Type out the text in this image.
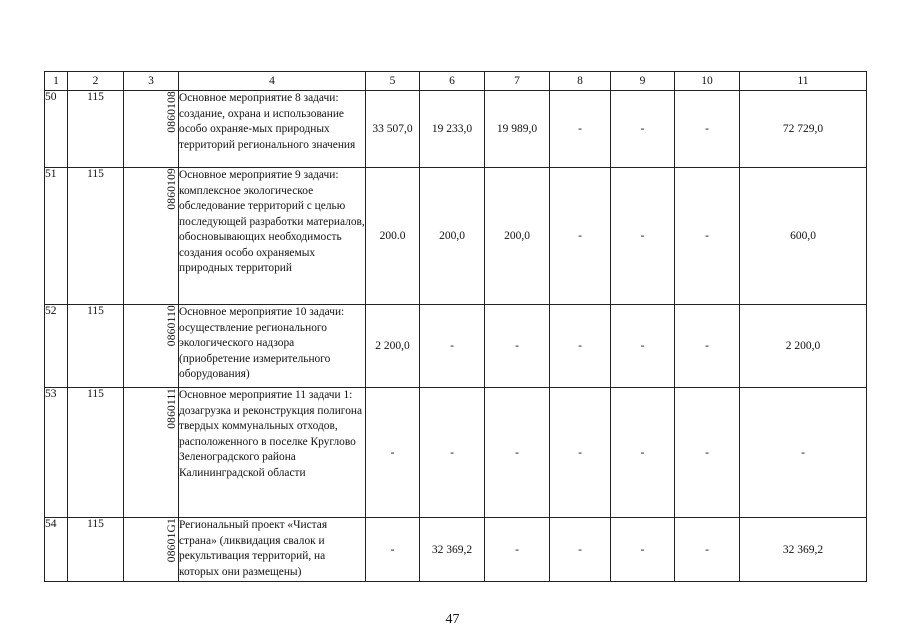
1	2	3	4	5	6	7	8	9	10	11
50	115	0860108	Основное мероприятие 8 задачи: создание, охрана и использование особо охраняе-мых природных территорий регионального значения	33 507,0	19 233,0	19 989,0	-	-	-	72 729,0
51	115	0860109	Основное мероприятие 9 задачи: комплексное экологическое обследование территорий с целью последующей разработки материалов, обосновывающих необходимость создания особо охраняемых природных территорий	200.0	200,0	200,0	-	-	-	600,0
52	115	0860110	Основное мероприятие 10 задачи: осуществление регионального экологического надзора (приобретение измерительного оборудования)	2 200,0	-	-	-	-	-	2 200,0
53	115	0860111	Основное мероприятие 11 задачи 1: дозагрузка и реконструкция полигона твердых коммунальных отходов, расположенного в поселке Круглово Зеленоградского района Калининградской области	-	-	-	-	-	-	-
54	115	08601G1	Региональный проект «Чистая страна» (ликвидация свалок и рекультивация территорий, на которых они размещены)	-	32 369,2	-	-	-	-	32 369,2
47
